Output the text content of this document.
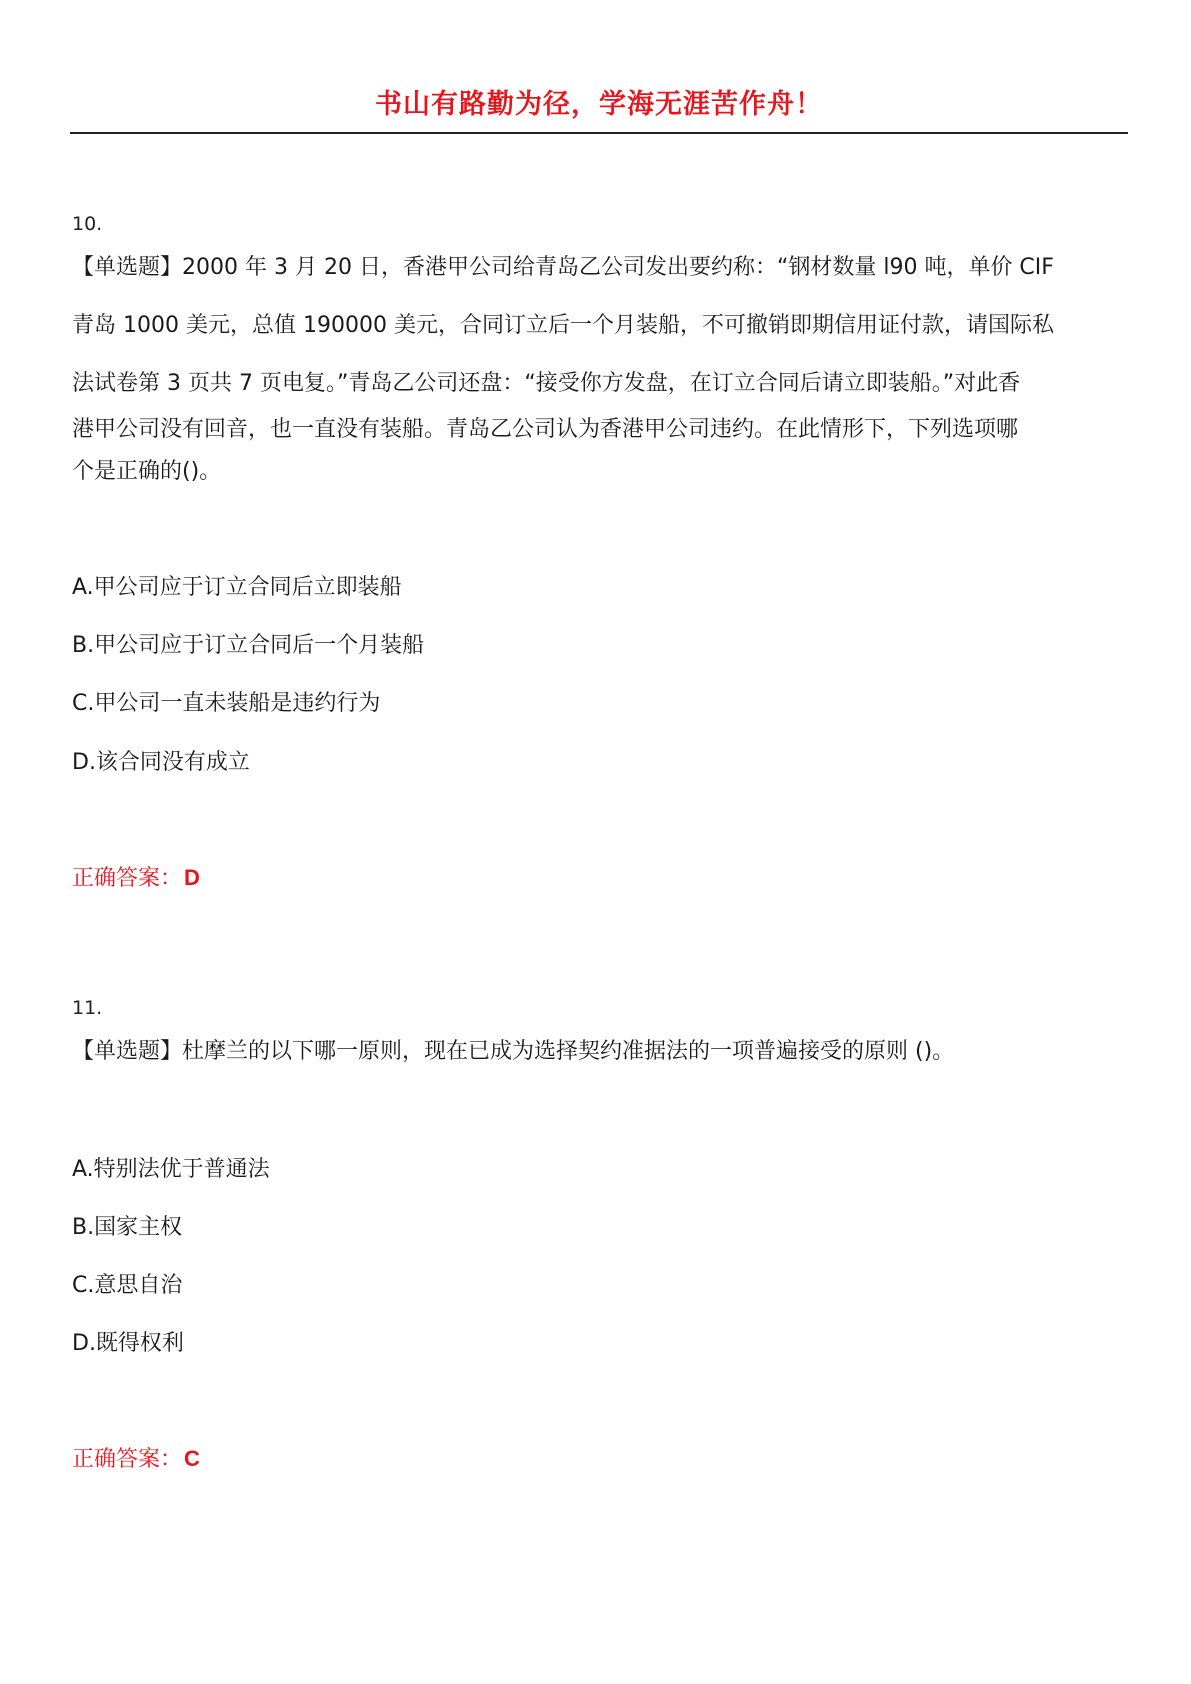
书山有路勤为径，学海无涯苦作舟！
10.
【单选题】2000 年 3 月 20 日，香港甲公司给青岛乙公司发出要约称：“钢材数量 l90 吨，单价 CIF
青岛 1000 美元，总值 190000 美元，合同订立后一个月装船，不可撤销即期信用证付款，请国际私
法试卷第 3 页共 7 页电复。”青岛乙公司还盘：“接受你方发盘，在订立合同后请立即装船。”对此香
港甲公司没有回音，也一直没有装船。青岛乙公司认为香港甲公司违约。在此情形下，下列选项哪
个是正确的()。
A.甲公司应于订立合同后立即装船
B.甲公司应于订立合同后一个月装船
C.甲公司一直未装船是违约行为
D.该合同没有成立
正确答案：D
11.
【单选题】杜摩兰的以下哪一原则，现在已成为选择契约准据法的一项普遍接受的原则 ()。
A.特别法优于普通法
B.国家主权
C.意思自治
D.既得权利
正确答案：C
